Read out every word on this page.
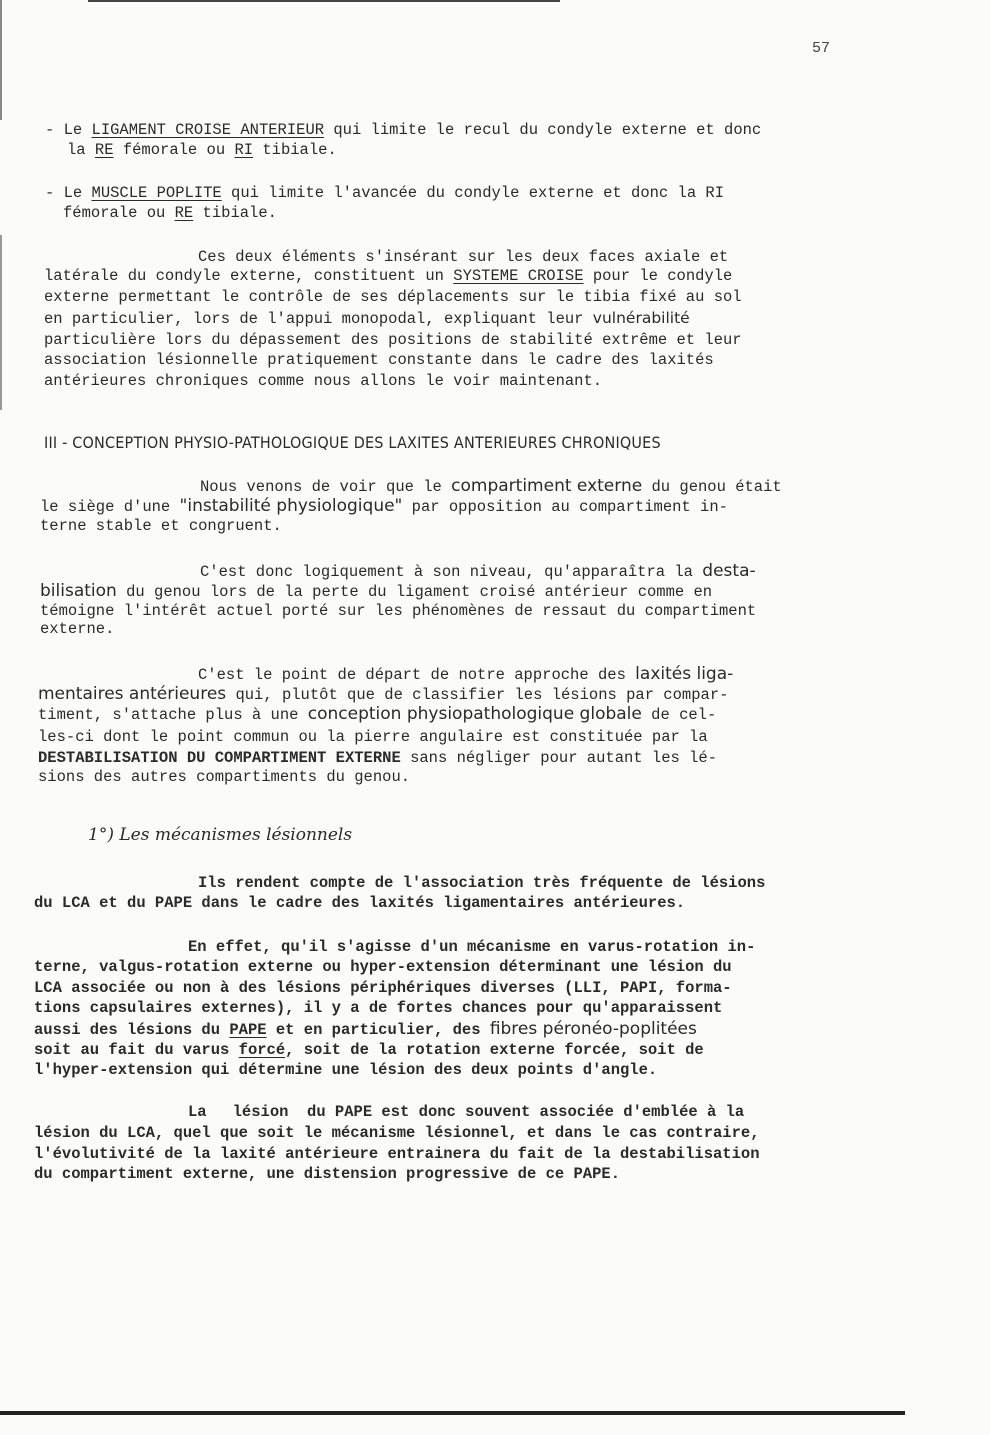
57
- Le LIGAMENT CROISE ANTERIEUR qui limite le recul du condyle externe et donc
la RE fémorale ou RI tibiale.
- Le MUSCLE POPLITE qui limite l'avancée du condyle externe et donc la RI
fémorale ou RE tibiale.
Ces deux éléments s'insérant sur les deux faces axiale et
latérale du condyle externe, constituent un SYSTEME CROISE pour le condyle
externe permettant le contrôle de ses déplacements sur le tibia fixé au sol
en particulier, lors de l'appui monopodal, expliquant leur vulnérabilité
particulière lors du dépassement des positions de stabilité extrême et leur
association lésionnelle pratiquement constante dans le cadre des laxités
antérieures chroniques comme nous allons le voir maintenant.
III - CONCEPTION PHYSIO-PATHOLOGIQUE DES LAXITES ANTERIEURES CHRONIQUES
Nous venons de voir que le compartiment externe du genou était
le siège d'une "instabilité physiologique" par opposition au compartiment in-
terne stable et congruent.
C'est donc logiquement à son niveau, qu'apparaîtra la desta-
bilisation du genou lors de la perte du ligament croisé antérieur comme en
témoigne l'intérêt actuel porté sur les phénomènes de ressaut du compartiment
externe.
C'est le point de départ de notre approche des laxités liga-
mentaires antérieures qui, plutôt que de classifier les lésions par compar-
timent, s'attache plus à une conception physiopathologique globale de cel-
les-ci dont le point commun ou la pierre angulaire est constituée par la
DESTABILISATION DU COMPARTIMENT EXTERNE sans négliger pour autant les lé-
sions des autres compartiments du genou.
1°) Les mécanismes lésionnels
Ils rendent compte de l'association très fréquente de lésions
du LCA et du PAPE dans le cadre des laxités ligamentaires antérieures.
En effet, qu'il s'agisse d'un mécanisme en varus-rotation in-
terne, valgus-rotation externe ou hyper-extension déterminant une lésion du
LCA associée ou non à des lésions périphériques diverses (LLI, PAPI, forma-
tions capsulaires externes), il y a de fortes chances pour qu'apparaissent
aussi des lésions du PAPE et en particulier, des fibres péronéo-poplitées
soit au fait du varus forcé, soit de la rotation externe forcée, soit de
l'hyper-extension qui détermine une lésion des deux points d'angle.
La lésion  du PAPE est donc souvent associée d'emblée à la
lésion du LCA, quel que soit le mécanisme lésionnel, et dans le cas contraire,
l'évolutivité de la laxité antérieure entrainera du fait de la destabilisation
du compartiment externe, une distension progressive de ce PAPE.
